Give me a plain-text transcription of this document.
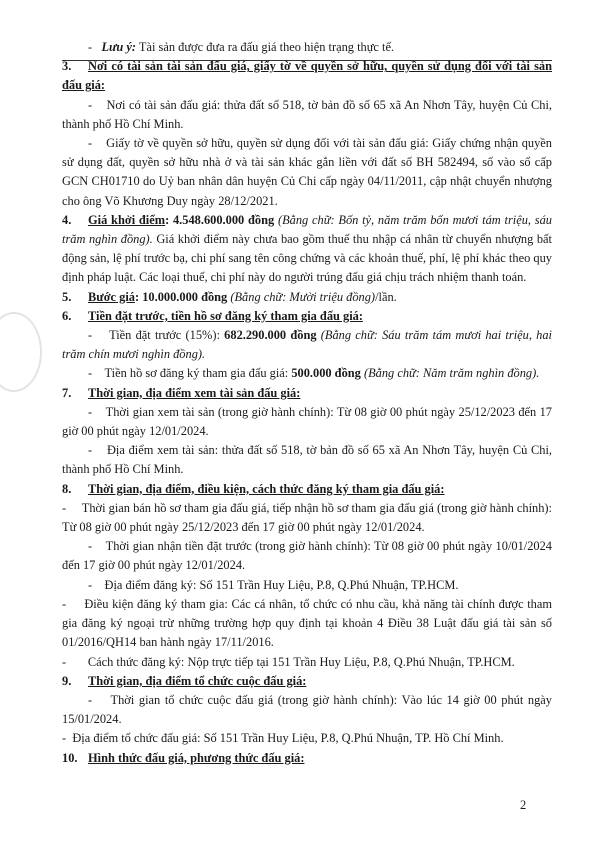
- Lưu ý: Tài sản được đưa ra đấu giá theo hiện trạng thực tế.

3. Nơi có tài sản tài sản đấu giá, giấy tờ về quyền sở hữu, quyền sử dụng đối với tài sản đấu giá:

- Nơi có tài sản đấu giá: thửa đất số 518, tờ bản đồ số 65 xã An Nhơn Tây, huyện Củ Chi, thành phố Hồ Chí Minh.

- Giấy tờ về quyền sở hữu, quyền sử dụng đối với tài sản đấu giá: Giấy chứng nhận quyền sử dụng đất, quyền sở hữu nhà ở và tài sản khác gắn liền với đất số BH 582494, số vào sổ cấp GCN CH01710 do Uỷ ban nhân dân huyện Củ Chi cấp ngày 04/11/2011, cập nhật chuyển nhượng cho ông Võ Khương Duy ngày 28/12/2021.

4. Giá khởi điểm: 4.548.600.000 đồng (Bằng chữ: Bốn tỷ, năm trăm bốn mươi tám triệu, sáu trăm nghìn đồng). Giá khởi điểm này chưa bao gồm thuế thu nhập cá nhân từ chuyển nhượng bất động sản, lệ phí trước bạ, chi phí sang tên công chứng và các khoản thuế, phí, lệ phí khác theo quy định pháp luật. Các loại thuế, chi phí này do người trúng đấu giá chịu trách nhiệm thanh toán.

5. Bước giá: 10.000.000 đồng (Bằng chữ: Mười triệu đồng)/lần.

6. Tiền đặt trước, tiền hồ sơ đăng ký tham gia đấu giá:

- Tiền đặt trước (15%): 682.290.000 đồng (Bằng chữ: Sáu trăm tám mươi hai triệu, hai trăm chín mươi nghìn đồng).

- Tiền hồ sơ đăng ký tham gia đấu giá: 500.000 đồng (Bằng chữ: Năm trăm nghìn đồng).

7. Thời gian, địa điểm xem tài sản đấu giá:

- Thời gian xem tài sản (trong giờ hành chính): Từ 08 giờ 00 phút ngày 25/12/2023 đến 17 giờ 00 phút ngày 12/01/2024.

- Địa điểm xem tài sản: thửa đất số 518, tờ bản đồ số 65 xã An Nhơn Tây, huyện Củ Chi, thành phố Hồ Chí Minh.

8. Thời gian, địa điểm, điều kiện, cách thức đăng ký tham gia đấu giá:

- Thời gian bán hồ sơ tham gia đấu giá, tiếp nhận hồ sơ tham gia đấu giá (trong giờ hành chính): Từ 08 giờ 00 phút ngày 25/12/2023 đến 17 giờ 00 phút ngày 12/01/2024.

- Thời gian nhận tiền đặt trước (trong giờ hành chính): Từ 08 giờ 00 phút ngày 10/01/2024 đến 17 giờ 00 phút ngày 12/01/2024.

- Địa điểm đăng ký: Số 151 Trần Huy Liệu, P.8, Q.Phú Nhuận, TP.HCM.

- Điều kiện đăng ký tham gia: Các cá nhân, tổ chức có nhu cầu, khả năng tài chính được tham gia đăng ký ngoại trừ những trường hợp quy định tại khoản 4 Điều 38 Luật đấu giá tài sản số 01/2016/QH14 ban hành ngày 17/11/2016.

- Cách thức đăng ký: Nộp trực tiếp tại 151 Trần Huy Liệu, P.8, Q.Phú Nhuận, TP.HCM.

9. Thời gian, địa điểm tổ chức cuộc đấu giá:

- Thời gian tổ chức cuộc đấu giá (trong giờ hành chính): Vào lúc 14 giờ 00 phút ngày 15/01/2024.

- Địa điểm tổ chức đấu giá: Số 151 Trần Huy Liệu, P.8, Q.Phú Nhuận, TP. Hồ Chí Minh.

10. Hình thức đấu giá, phương thức đấu giá:

2
